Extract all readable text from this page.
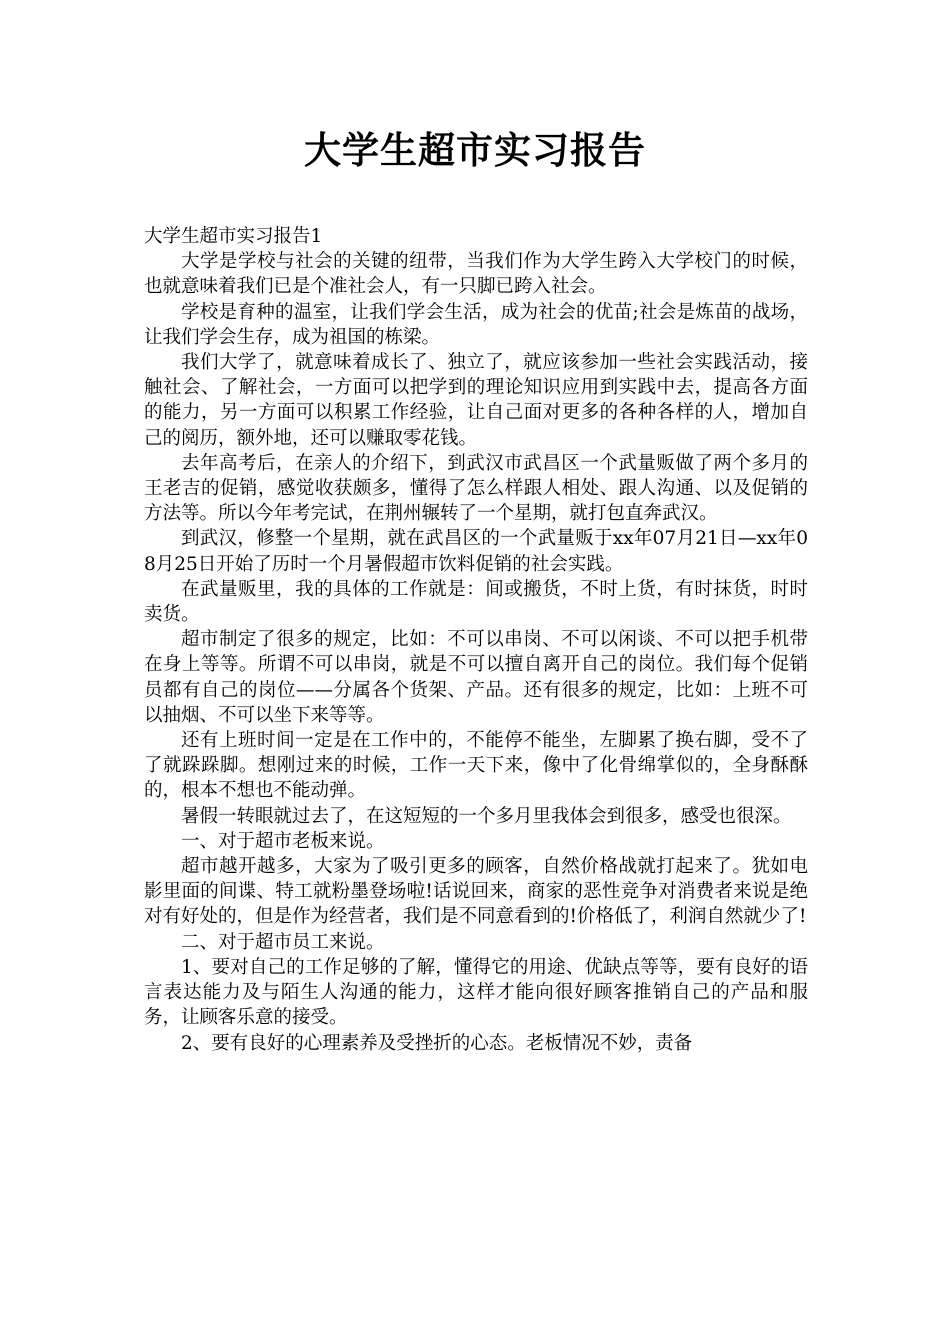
大学生超市实习报告

大学生超市实习报告1

大学是学校与社会的关键的纽带，当我们作为大学生跨入大学校门的时候，也就意味着我们已是个准社会人，有一只脚已跨入社会。

学校是育种的温室，让我们学会生活，成为社会的优苗;社会是炼苗的战场，让我们学会生存，成为祖国的栋梁。

我们大学了，就意味着成长了、独立了，就应该参加一些社会实践活动，接触社会、了解社会，一方面可以把学到的理论知识应用到实践中去，提高各方面的能力，另一方面可以积累工作经验，让自己面对更多的各种各样的人，增加自己的阅历，额外地，还可以赚取零花钱。

去年高考后，在亲人的介绍下，到武汉市武昌区一个武量贩做了两个多月的王老吉的促销，感觉收获颇多，懂得了怎么样跟人相处、跟人沟通、以及促销的方法等。所以今年考完试，在荆州辗转了一个星期，就打包直奔武汉。

到武汉，修整一个星期，就在武昌区的一个武量贩于xx年07月21日—xx年08月25日开始了历时一个月暑假超市饮料促销的社会实践。

在武量贩里，我的具体的工作就是：间或搬货，不时上货，有时抹货，时时卖货。

超市制定了很多的规定，比如：不可以串岗、不可以闲谈、不可以把手机带在身上等等。所谓不可以串岗，就是不可以擅自离开自己的岗位。我们每个促销员都有自己的岗位——分属各个货架、产品。还有很多的规定，比如：上班不可以抽烟、不可以坐下来等等。

还有上班时间一定是在工作中的，不能停不能坐，左脚累了换右脚，受不了了就跺跺脚。想刚过来的时候，工作一天下来，像中了化骨绵掌似的，全身酥酥的，根本不想也不能动弹。

暑假一转眼就过去了，在这短短的一个多月里我体会到很多，感受也很深。

一、对于超市老板来说。

超市越开越多，大家为了吸引更多的顾客，自然价格战就打起来了。犹如电影里面的间谍、特工就粉墨登场啦!话说回来，商家的恶性竞争对消费者来说是绝对有好处的，但是作为经营者，我们是不同意看到的!价格低了，利润自然就少了!

二、对于超市员工来说。

1、要对自己的工作足够的了解，懂得它的用途、优缺点等等，要有良好的语言表达能力及与陌生人沟通的能力，这样才能向很好顾客推销自己的产品和服务，让顾客乐意的接受。

2、要有良好的心理素养及受挫折的心态。老板情况不妙，责备
